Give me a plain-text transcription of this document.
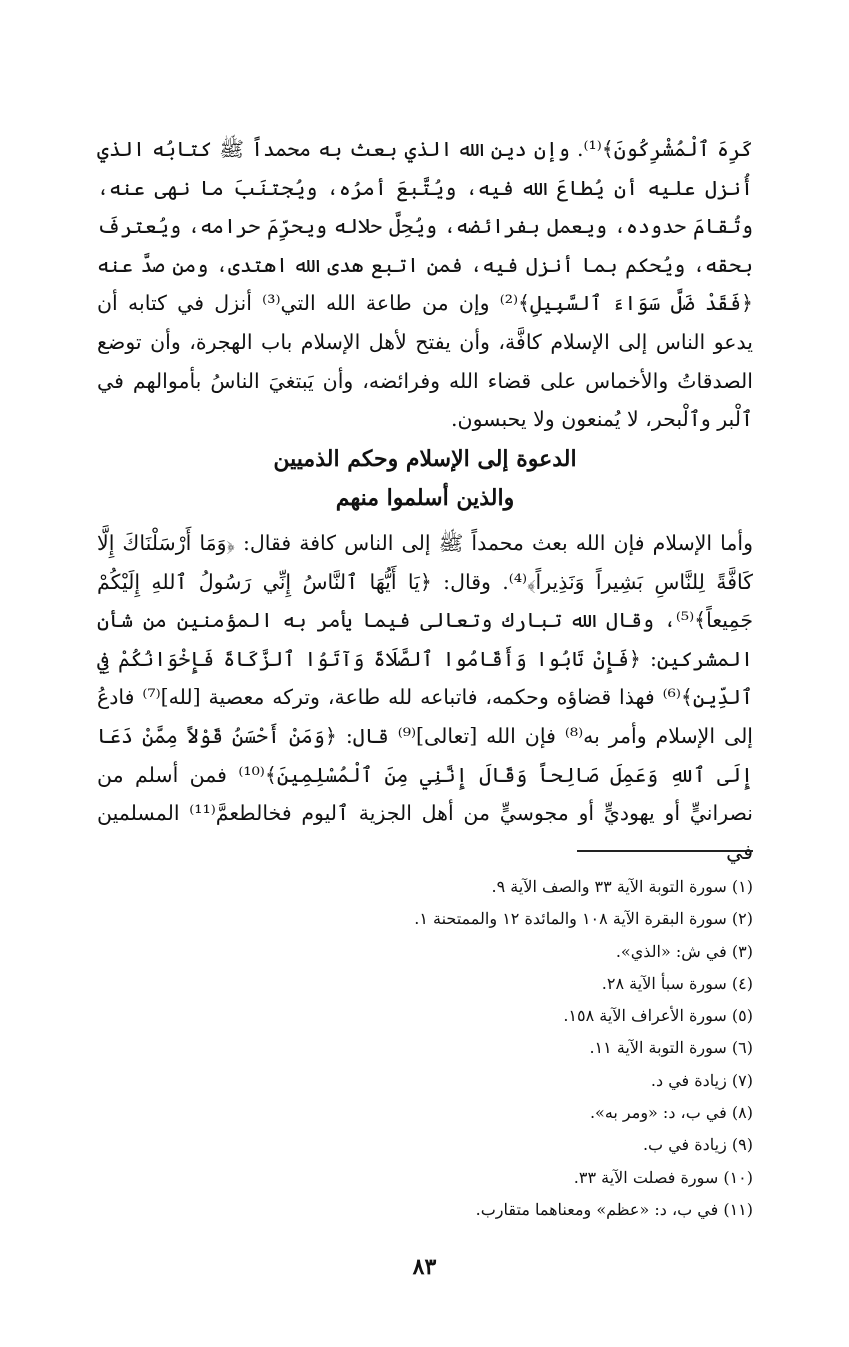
كَرِهَ ٱلْمُشْرِكُونَ﴾⁽¹⁾. وإن دين الله الذي بعث به محمداً ﷺ كتابُه الذي أُنزل عليه أن يُطاعَ الله فيه، ويُتَّبعَ أمرُه، ويُجتنَبَ ما نهى عنه، وتُقامَ حدوده، ويعمل بفرائضه، ويُحِلَّ حلاله ويحرِّمَ حرامه، ويُعترفَ بحقه، ويُحكم بما أنزل فيه، فمن اتبع هدى الله اهتدى، ومن صدَّ عنه ﴿فَقَدْ ضَلَّ سَوَاءَ ٱلسَّبِيلِ﴾⁽²⁾ وإن من طاعة الله التي⁽³⁾ أنزل في كتابه أن يدعو الناس إلى الإسلام كافَّة، وأن يفتح لأهل الإسلام باب الهجرة، وأن توضع الصدقاتُ والأخماس على قضاء الله وفرائضه، وأن يَبتغيَ الناسُ بأموالهم في ٱلْبر وٱلْبحر، لا يُمنعون ولا يحبسون.

الدعوة إلى الإسلام وحكم الذميين
والذين أسلموا منهم

وأما الإسلام فإن الله بعث محمداً ﷺ إلى الناس كافة فقال: ﴿وَمَا أَرْسَلْنَاكَ إِلَّا كَافَّةً لِلنَّاسِ بَشِيراً وَنَذِيراً﴾⁽⁴⁾. وقال: ﴿يَا أَيُّهَا ٱلنَّاسُ إِنِّي رَسُولُ ٱللهِ إِلَيْكُمْ جَمِيعاً﴾⁽⁵⁾، وقال الله تبارك وتعالى فيما يأمر به المؤمنين من شأن المشركين: ﴿فَإِنْ تَابُوا وَأَقَامُوا ٱلصَّلَاةَ وَآتَوُا ٱلزَّكَاةَ فَإِخْوَانُكُمْ فِي ٱلدِّينِ﴾⁽⁶⁾ فهذا قضاؤه وحكمه، فاتباعه لله طاعة، وتركه معصية [لله]⁽⁷⁾ فادعُ إلى الإسلام وأمر به⁽⁸⁾ فإن الله [تعالى]⁽⁹⁾ قال: ﴿وَمَنْ أَحْسَنُ قَوْلاً مِمَّنْ دَعَا إِلَى ٱللهِ وَعَمِلَ صَالِحاً وَقَالَ إِنَّنِي مِنَ ٱلْمُسْلِمِينَ﴾⁽¹⁰⁾ فمن أسلم من نصرانيٍّ أو يهوديٍّ أو مجوسيٍّ من أهل الجزية ٱليوم فخالطعمَّ⁽¹¹⁾ المسلمين في

(١) سورة التوبة الآية ٣٣ والصف الآية ٩.

(٢) سورة البقرة الآية ١٠٨ والمائدة ١٢ والممتحنة ١.

(٣) في ش: «الذي».

(٤) سورة سبأ الآية ٢٨.

(٥) سورة الأعراف الآية ١٥٨.

(٦) سورة التوبة الآية ١١.

(٧) زيادة في د.

(٨) في ب، د: «ومر به».

(٩) زيادة في ب.

(١٠) سورة فصلت الآية ٣٣.

(١١) في ب، د: «عظم» ومعناهما متقارب.

٨٣
